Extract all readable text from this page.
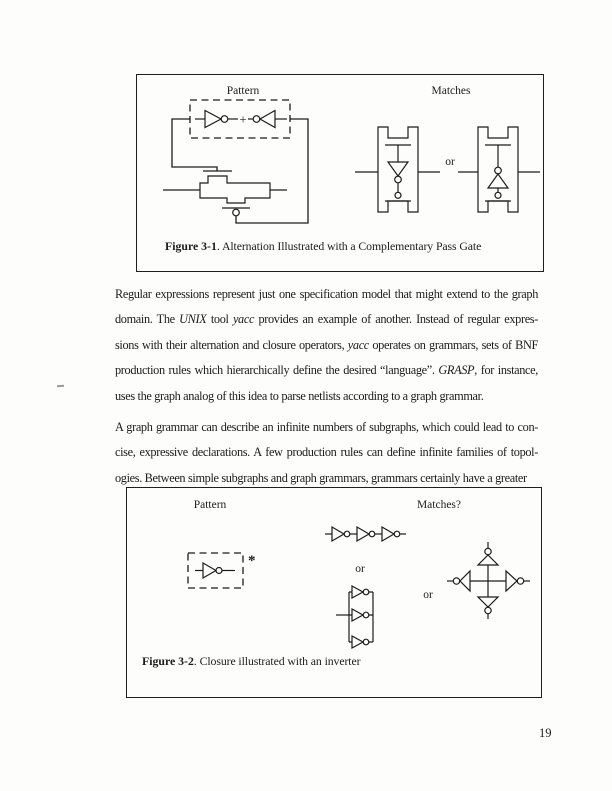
Pattern	Matches
+
or
Figure 3-1. Alternation Illustrated with a Complementary Pass Gate
Regular expressions represent just one specification model that might extend to the graph
domain. The UNIX tool yacc provides an example of another. Instead of regular expres-
sions with their alternation and closure operators, yacc operates on grammars, sets of BNF
production rules which hierarchically define the desired “language”. GRASP, for instance,
uses the graph analog of this idea to parse netlists according to a graph grammar.
A graph grammar can describe an infinite numbers of subgraphs, which could lead to con-
cise, expressive declarations. A few production rules can define infinite families of topol-
ogies. Between simple subgraphs and graph grammars, grammars certainly have a greater
Pattern	Matches?
*	or
or
Figure 3-2. Closure illustrated with an inverter
19
